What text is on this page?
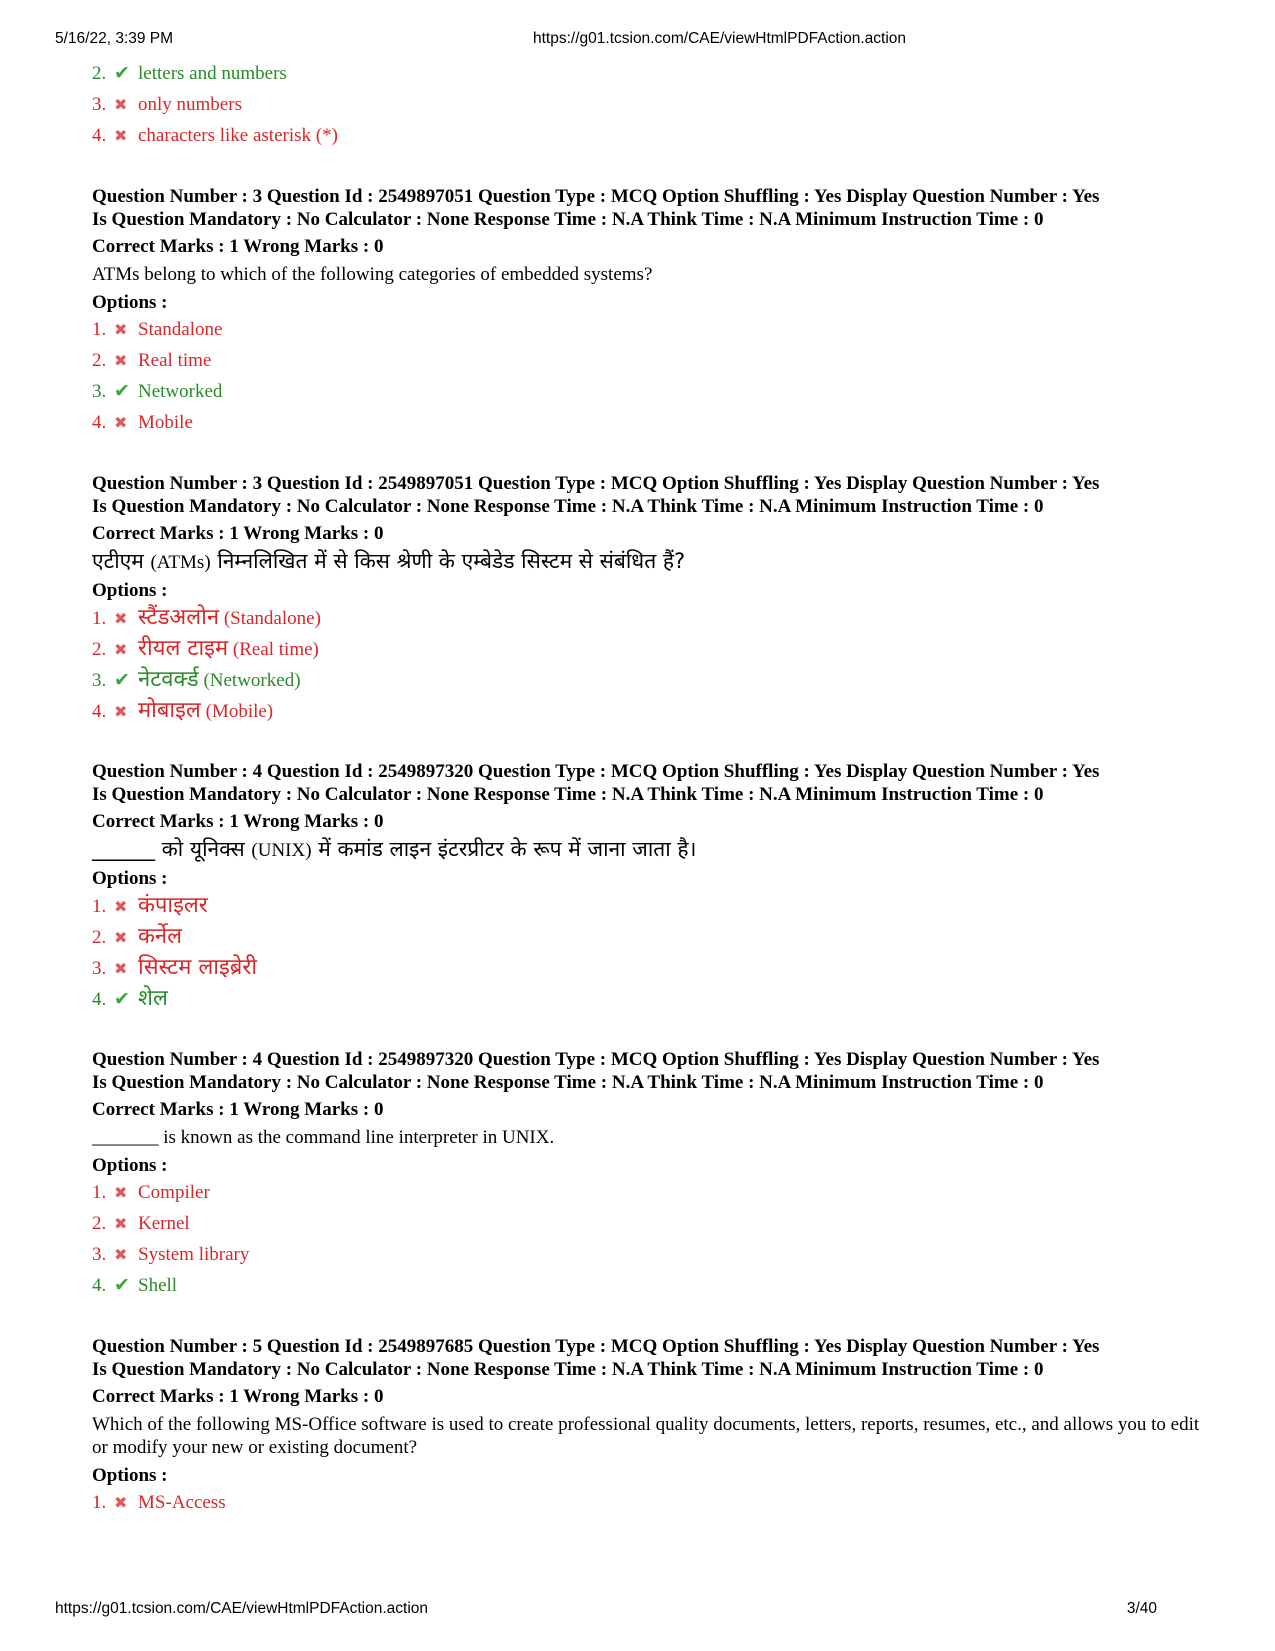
5/16/22, 3:39 PM	https://g01.tcsion.com/CAE/viewHtmlPDFAction.action
2. ✔ letters and numbers
3. ✖ only numbers
4. ✖ characters like asterisk (*)
Question Number : 3 Question Id : 2549897051 Question Type : MCQ Option Shuffling : Yes Display Question Number : Yes
Is Question Mandatory : No Calculator : None Response Time : N.A Think Time : N.A Minimum Instruction Time : 0
Correct Marks : 1 Wrong Marks : 0
ATMs belong to which of the following categories of embedded systems?
Options :
1. ✖ Standalone
2. ✖ Real time
3. ✔ Networked
4. ✖ Mobile
Question Number : 3 Question Id : 2549897051 Question Type : MCQ Option Shuffling : Yes Display Question Number : Yes
Is Question Mandatory : No Calculator : None Response Time : N.A Think Time : N.A Minimum Instruction Time : 0
Correct Marks : 1 Wrong Marks : 0
एटीएम (ATMs) निम्नलिखित में से किस श्रेणी के एम्बेडेड सिस्टम से संबंधित हैं?
Options :
1. ✖ स्टैंडअलोन (Standalone)
2. ✖ रीयल टाइम (Real time)
3. ✔ नेटवर्क्ड (Networked)
4. ✖ मोबाइल (Mobile)
Question Number : 4 Question Id : 2549897320 Question Type : MCQ Option Shuffling : Yes Display Question Number : Yes
Is Question Mandatory : No Calculator : None Response Time : N.A Think Time : N.A Minimum Instruction Time : 0
Correct Marks : 1 Wrong Marks : 0
______ को यूनिक्स (UNIX) में कमांड लाइन इंटरप्रीटर के रूप में जाना जाता है।
Options :
1. ✖ कंपाइलर
2. ✖ कर्नेल
3. ✖ सिस्टम लाइब्रेरी
4. ✔ शेल
Question Number : 4 Question Id : 2549897320 Question Type : MCQ Option Shuffling : Yes Display Question Number : Yes
Is Question Mandatory : No Calculator : None Response Time : N.A Think Time : N.A Minimum Instruction Time : 0
Correct Marks : 1 Wrong Marks : 0
_______ is known as the command line interpreter in UNIX.
Options :
1. ✖ Compiler
2. ✖ Kernel
3. ✖ System library
4. ✔ Shell
Question Number : 5 Question Id : 2549897685 Question Type : MCQ Option Shuffling : Yes Display Question Number : Yes
Is Question Mandatory : No Calculator : None Response Time : N.A Think Time : N.A Minimum Instruction Time : 0
Correct Marks : 1 Wrong Marks : 0
Which of the following MS-Office software is used to create professional quality documents, letters, reports, resumes, etc., and allows you to edit or modify your new or existing document?
Options :
1. ✖ MS-Access
https://g01.tcsion.com/CAE/viewHtmlPDFAction.action	3/40
